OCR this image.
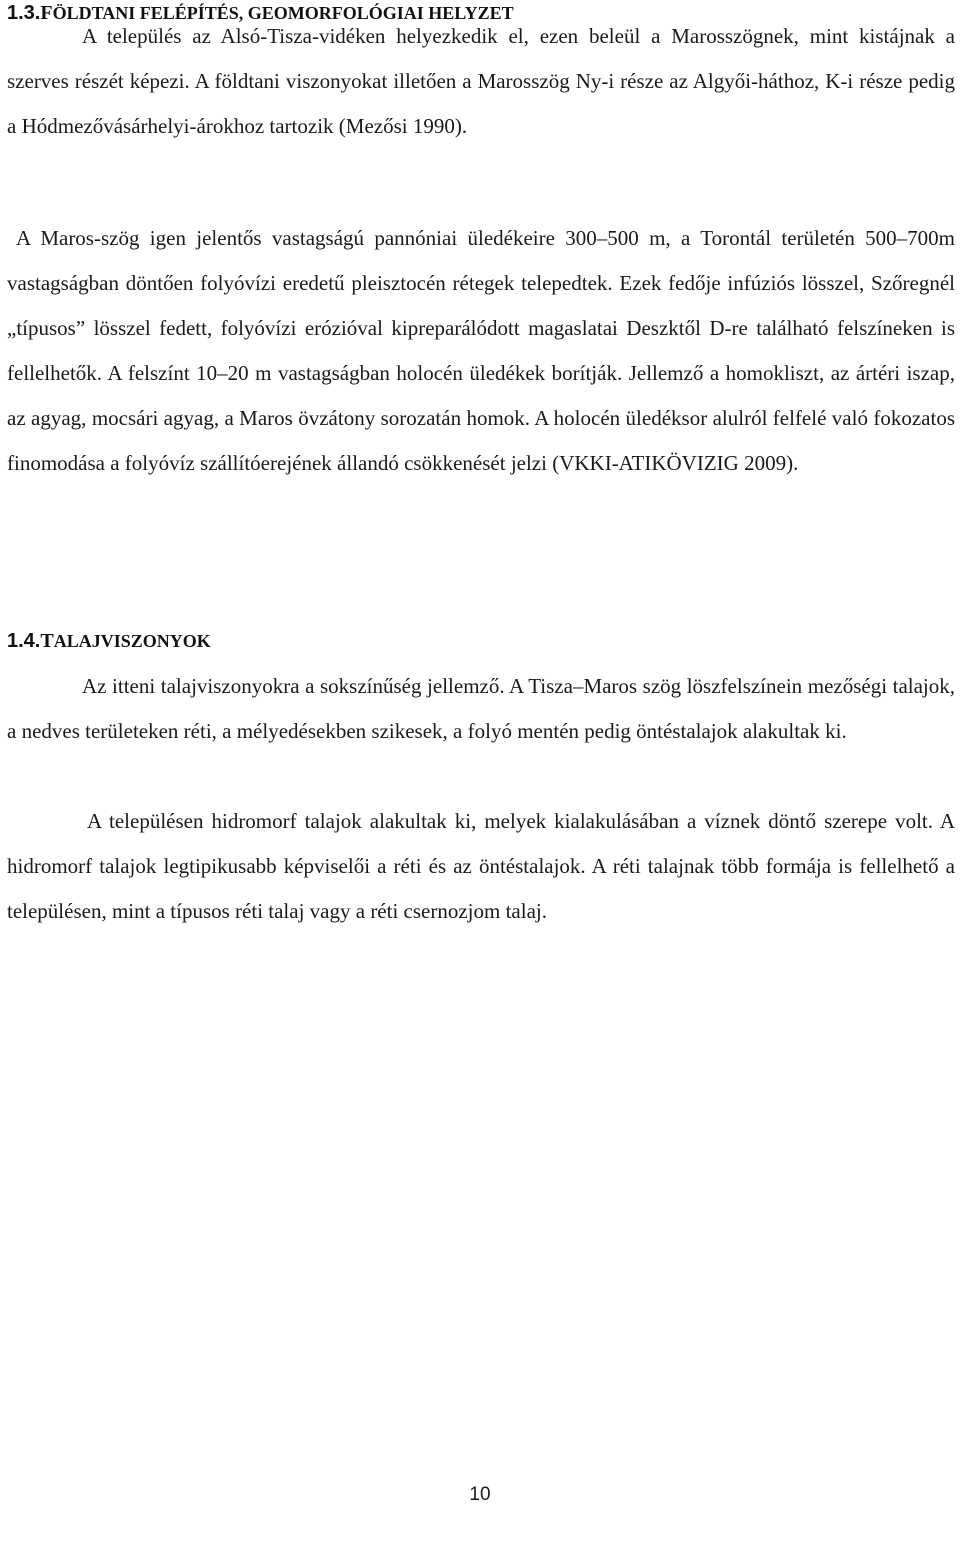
1.3.FÖLDTANI FELÉPÍTÉS, GEOMORFOLÓGIAI HELYZET

A település az Alsó-Tisza-vidéken helyezkedik el, ezen beleül a Marosszögnek, mint kistájnak a szerves részét képezi. A földtani viszonyokat illetően a Marosszög Ny-i része az Algyői-háthoz, K-i része pedig a Hódmezővásárhelyi-árokhoz tartozik (Mezősi 1990).

A Maros-szög igen jelentős vastagságú pannóniai üledékeire 300–500 m, a Torontál területén 500–700m vastagságban döntően folyóvízi eredetű pleisztocén rétegek telepedtek. Ezek fedője infúziós lösszel, Szőregnél „típusos” lösszel fedett, folyóvízi erózióval kipreparálódott magaslatai Deszktől D-re található felszíneken is fellelhetők. A felszínt 10–20 m vastagságban holocén üledékek borítják. Jellemző a homokliszt, az ártéri iszap, az agyag, mocsári agyag, a Maros övzátony sorozatán homok. A holocén üledéksor alulról felfelé való fokozatos finomodása a folyóvíz szállítóerejének állandó csökkenését jelzi (VKKI-ATIKÖVIZIG 2009).

1.4.TALAJVISZONYOK

Az itteni talajviszonyokra a sokszínűség jellemző. A Tisza–Maros szög löszfelszínein mezőségi talajok, a nedves területeken réti, a mélyedésekben szikesek, a folyó mentén pedig öntéstalajok alakultak ki.

A településen hidromorf talajok alakultak ki, melyek kialakulásában a víznek döntő szerepe volt. A hidromorf talajok legtipikusabb képviselői a réti és az öntéstalajok. A réti talajnak több formája is fellelhető a településen, mint a típusos réti talaj vagy a réti csernozjom talaj.

10
